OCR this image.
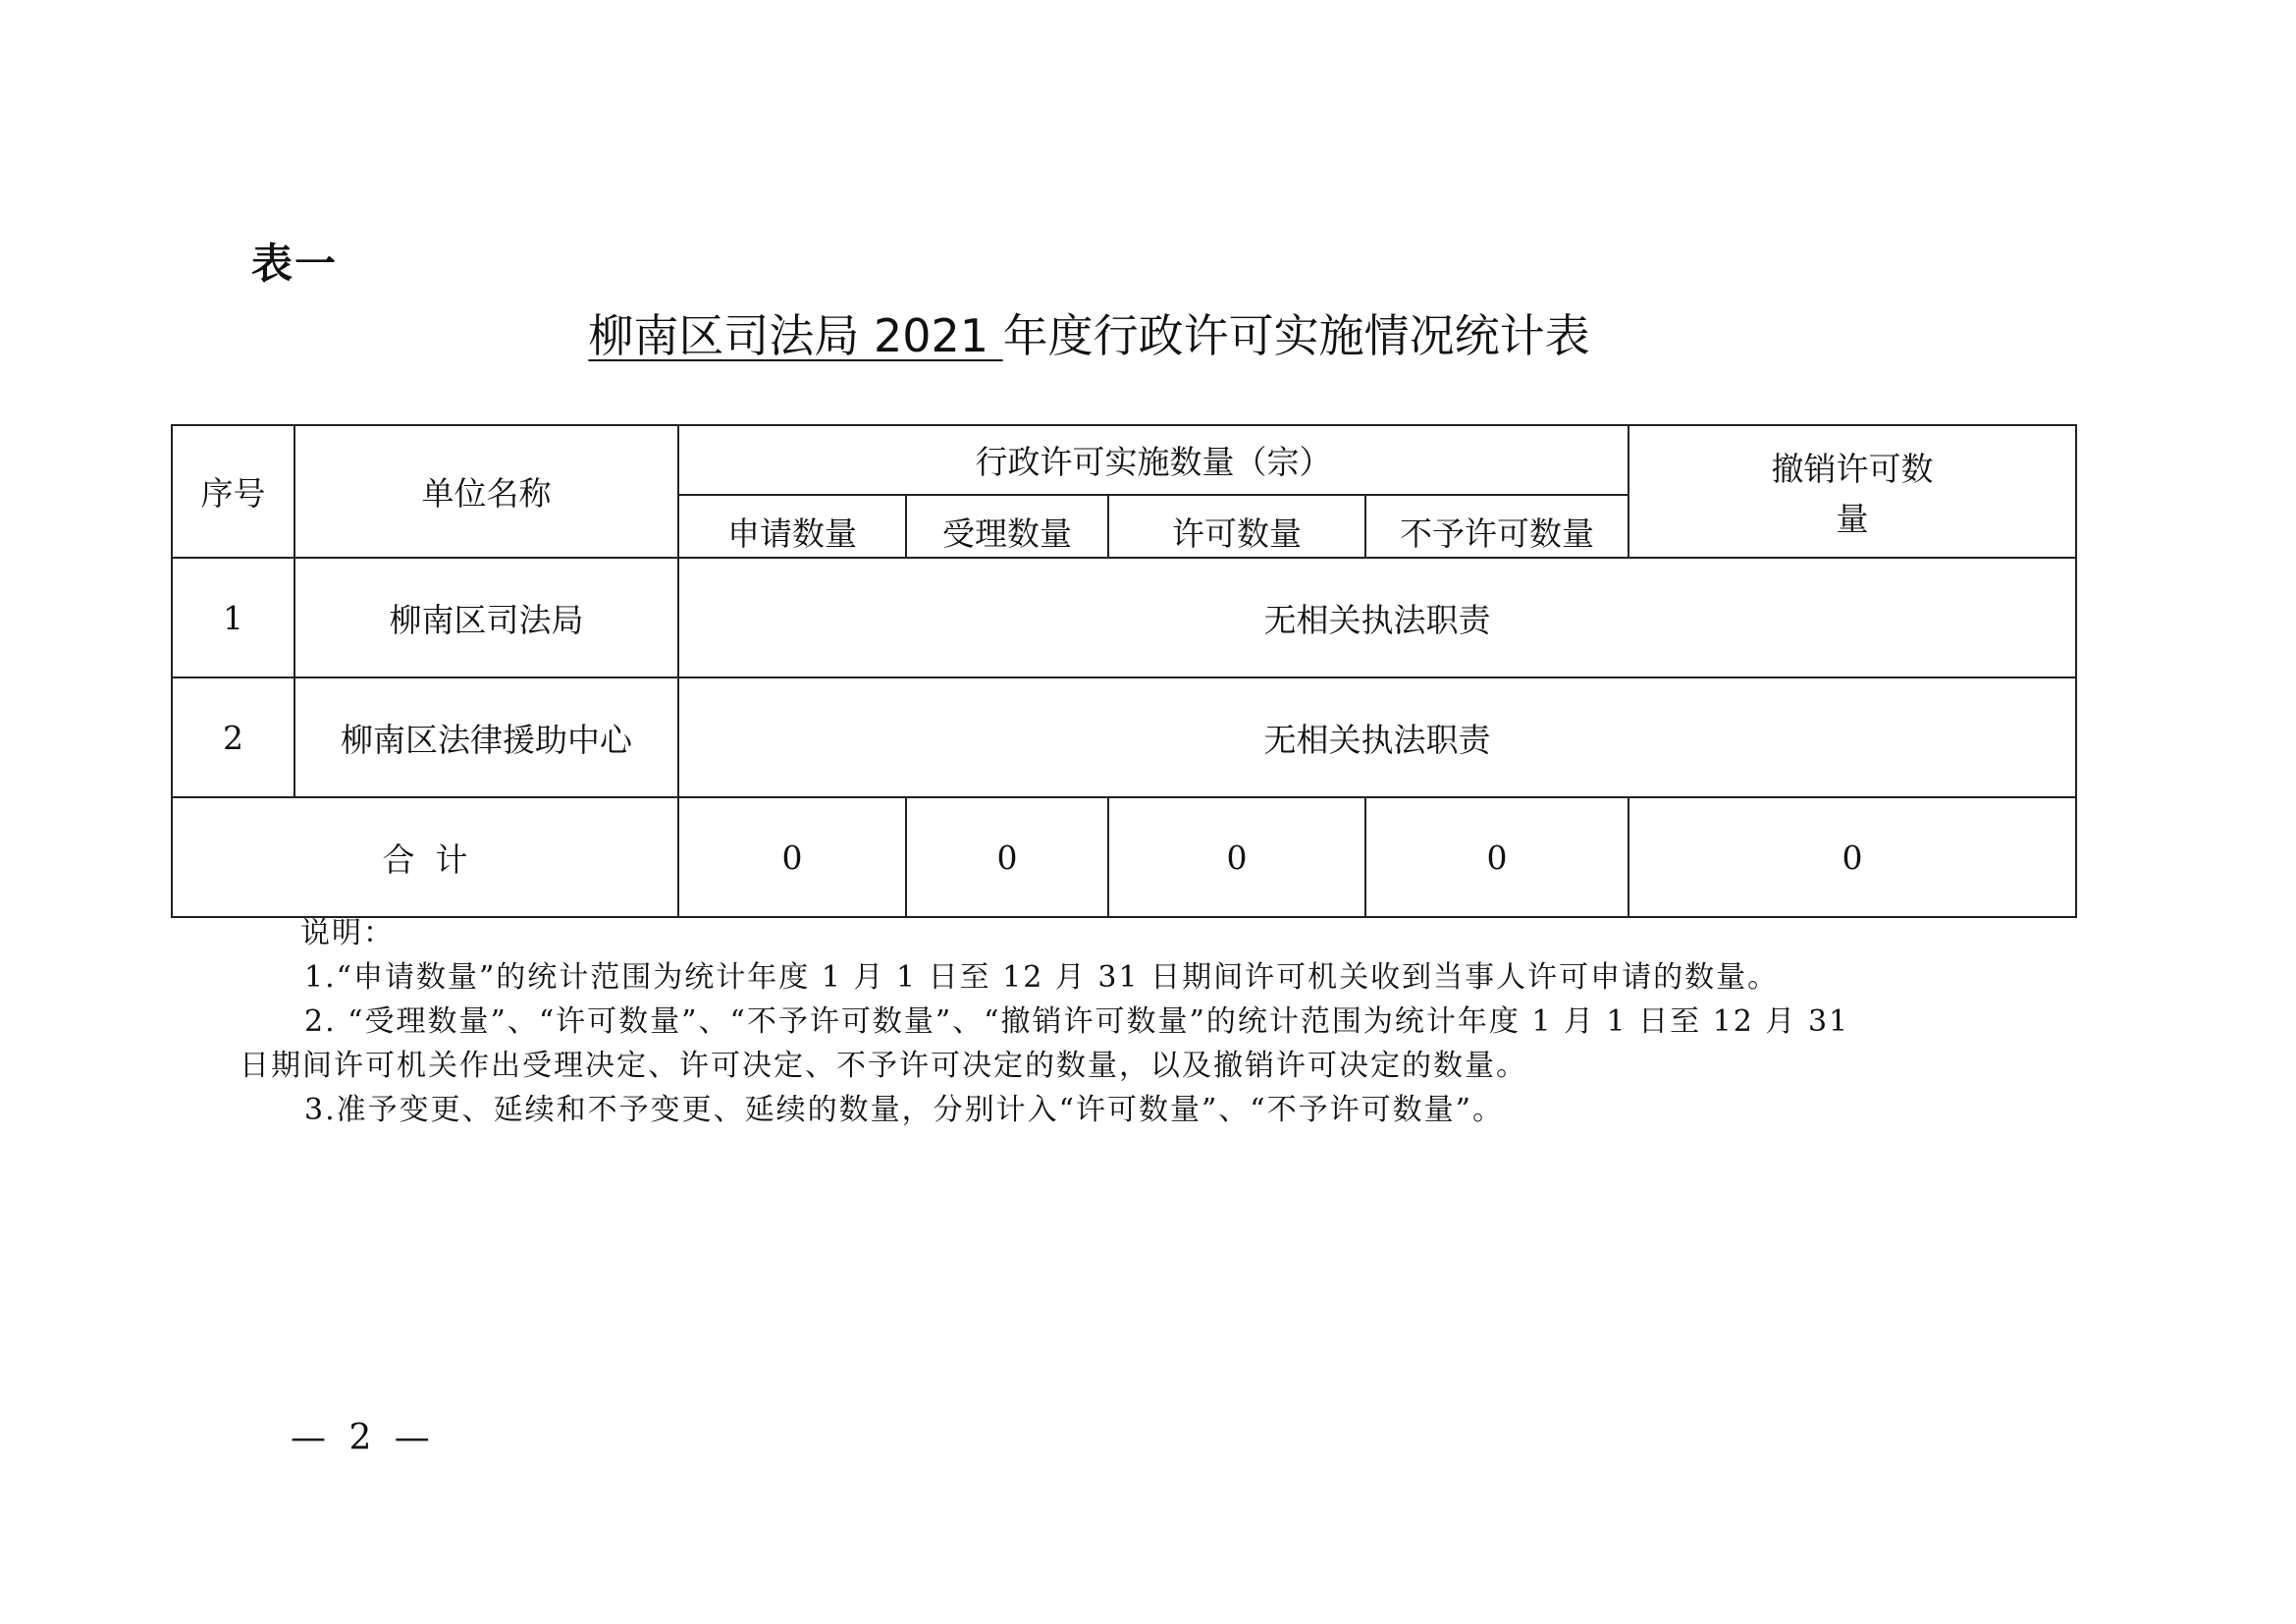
表一
柳南区司法局 2021 年度行政许可实施情况统计表
序号	单位名称	行政许可实施数量（宗）				撤销许可数
量

		申请数量	受理数量	许可数量	不予许可数量	
1	柳南区司法局	无相关执法职责				
2	柳南区法律援助中心	无相关执法职责				
合  计		0	0	0	0	0
说明：
1.“申请数量”的统计范围为统计年度 1 月 1 日至 12 月 31 日期间许可机关收到当事人许可申请的数量。
2. “受理数量”、“许可数量”、“不予许可数量”、“撤销许可数量”的统计范围为统计年度 1 月 1 日至 12 月 31
日期间许可机关作出受理决定、许可决定、不予许可决定的数量，以及撤销许可决定的数量。
3.准予变更、延续和不予变更、延续的数量，分别计入“许可数量”、“不予许可数量”。
— 2 —
